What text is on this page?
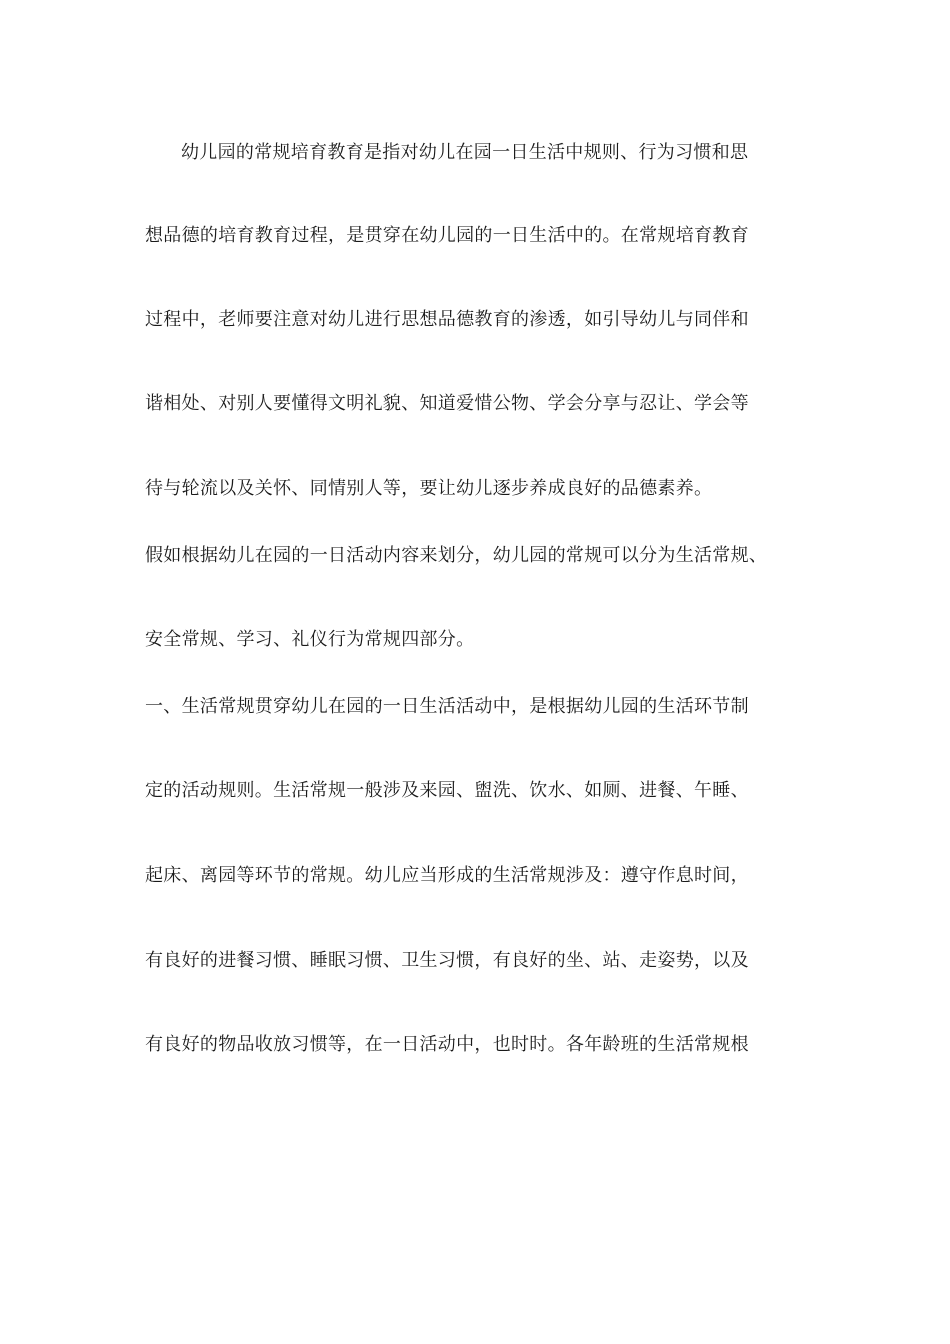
幼儿园的常规培育教育是指对幼儿在园一日生活中规则、行为习惯和思
想品德的培育教育过程，是贯穿在幼儿园的一日生活中的。在常规培育教育
过程中，老师要注意对幼儿进行思想品德教育的渗透，如引导幼儿与同伴和
谐相处、对别人要懂得文明礼貌、知道爱惜公物、学会分享与忍让、学会等
待与轮流以及关怀、同情别人等，要让幼儿逐步养成良好的品德素养。
假如根据幼儿在园的一日活动内容来划分，幼儿园的常规可以分为生活常规、
安全常规、学习、礼仪行为常规四部分。
一、生活常规贯穿幼儿在园的一日生活活动中，是根据幼儿园的生活环节制
定的活动规则。生活常规一般涉及来园、盥洗、饮水、如厕、进餐、午睡、
起床、离园等环节的常规。幼儿应当形成的生活常规涉及：遵守作息时间，
有良好的进餐习惯、睡眠习惯、卫生习惯，有良好的坐、站、走姿势，以及
有良好的物品收放习惯等，在一日活动中，也时时。各年龄班的生活常规根
